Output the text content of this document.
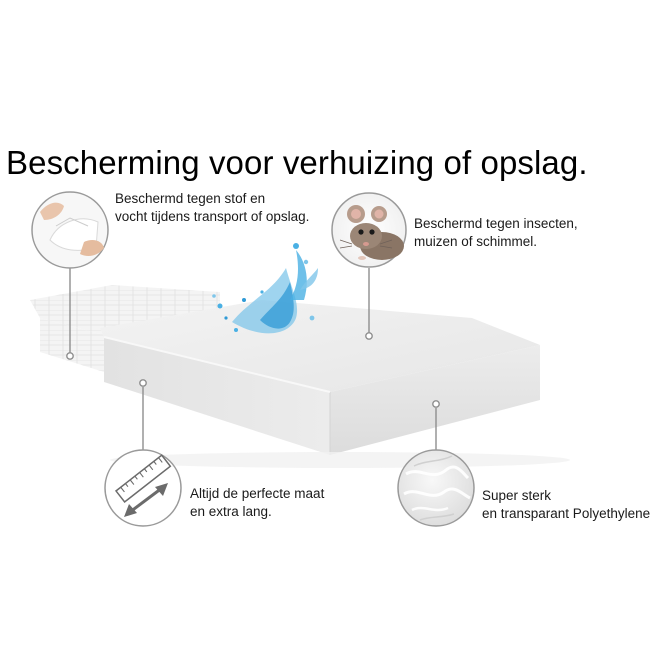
Bescherming voor verhuizing of opslag.
Beschermd tegen stof en
vocht tijdens transport of opslag.	Beschermd tegen insecten,
muizen of schimmel.
Altijd de perfecte maat
en extra lang.
Super sterk
en transparant Polyethylene
